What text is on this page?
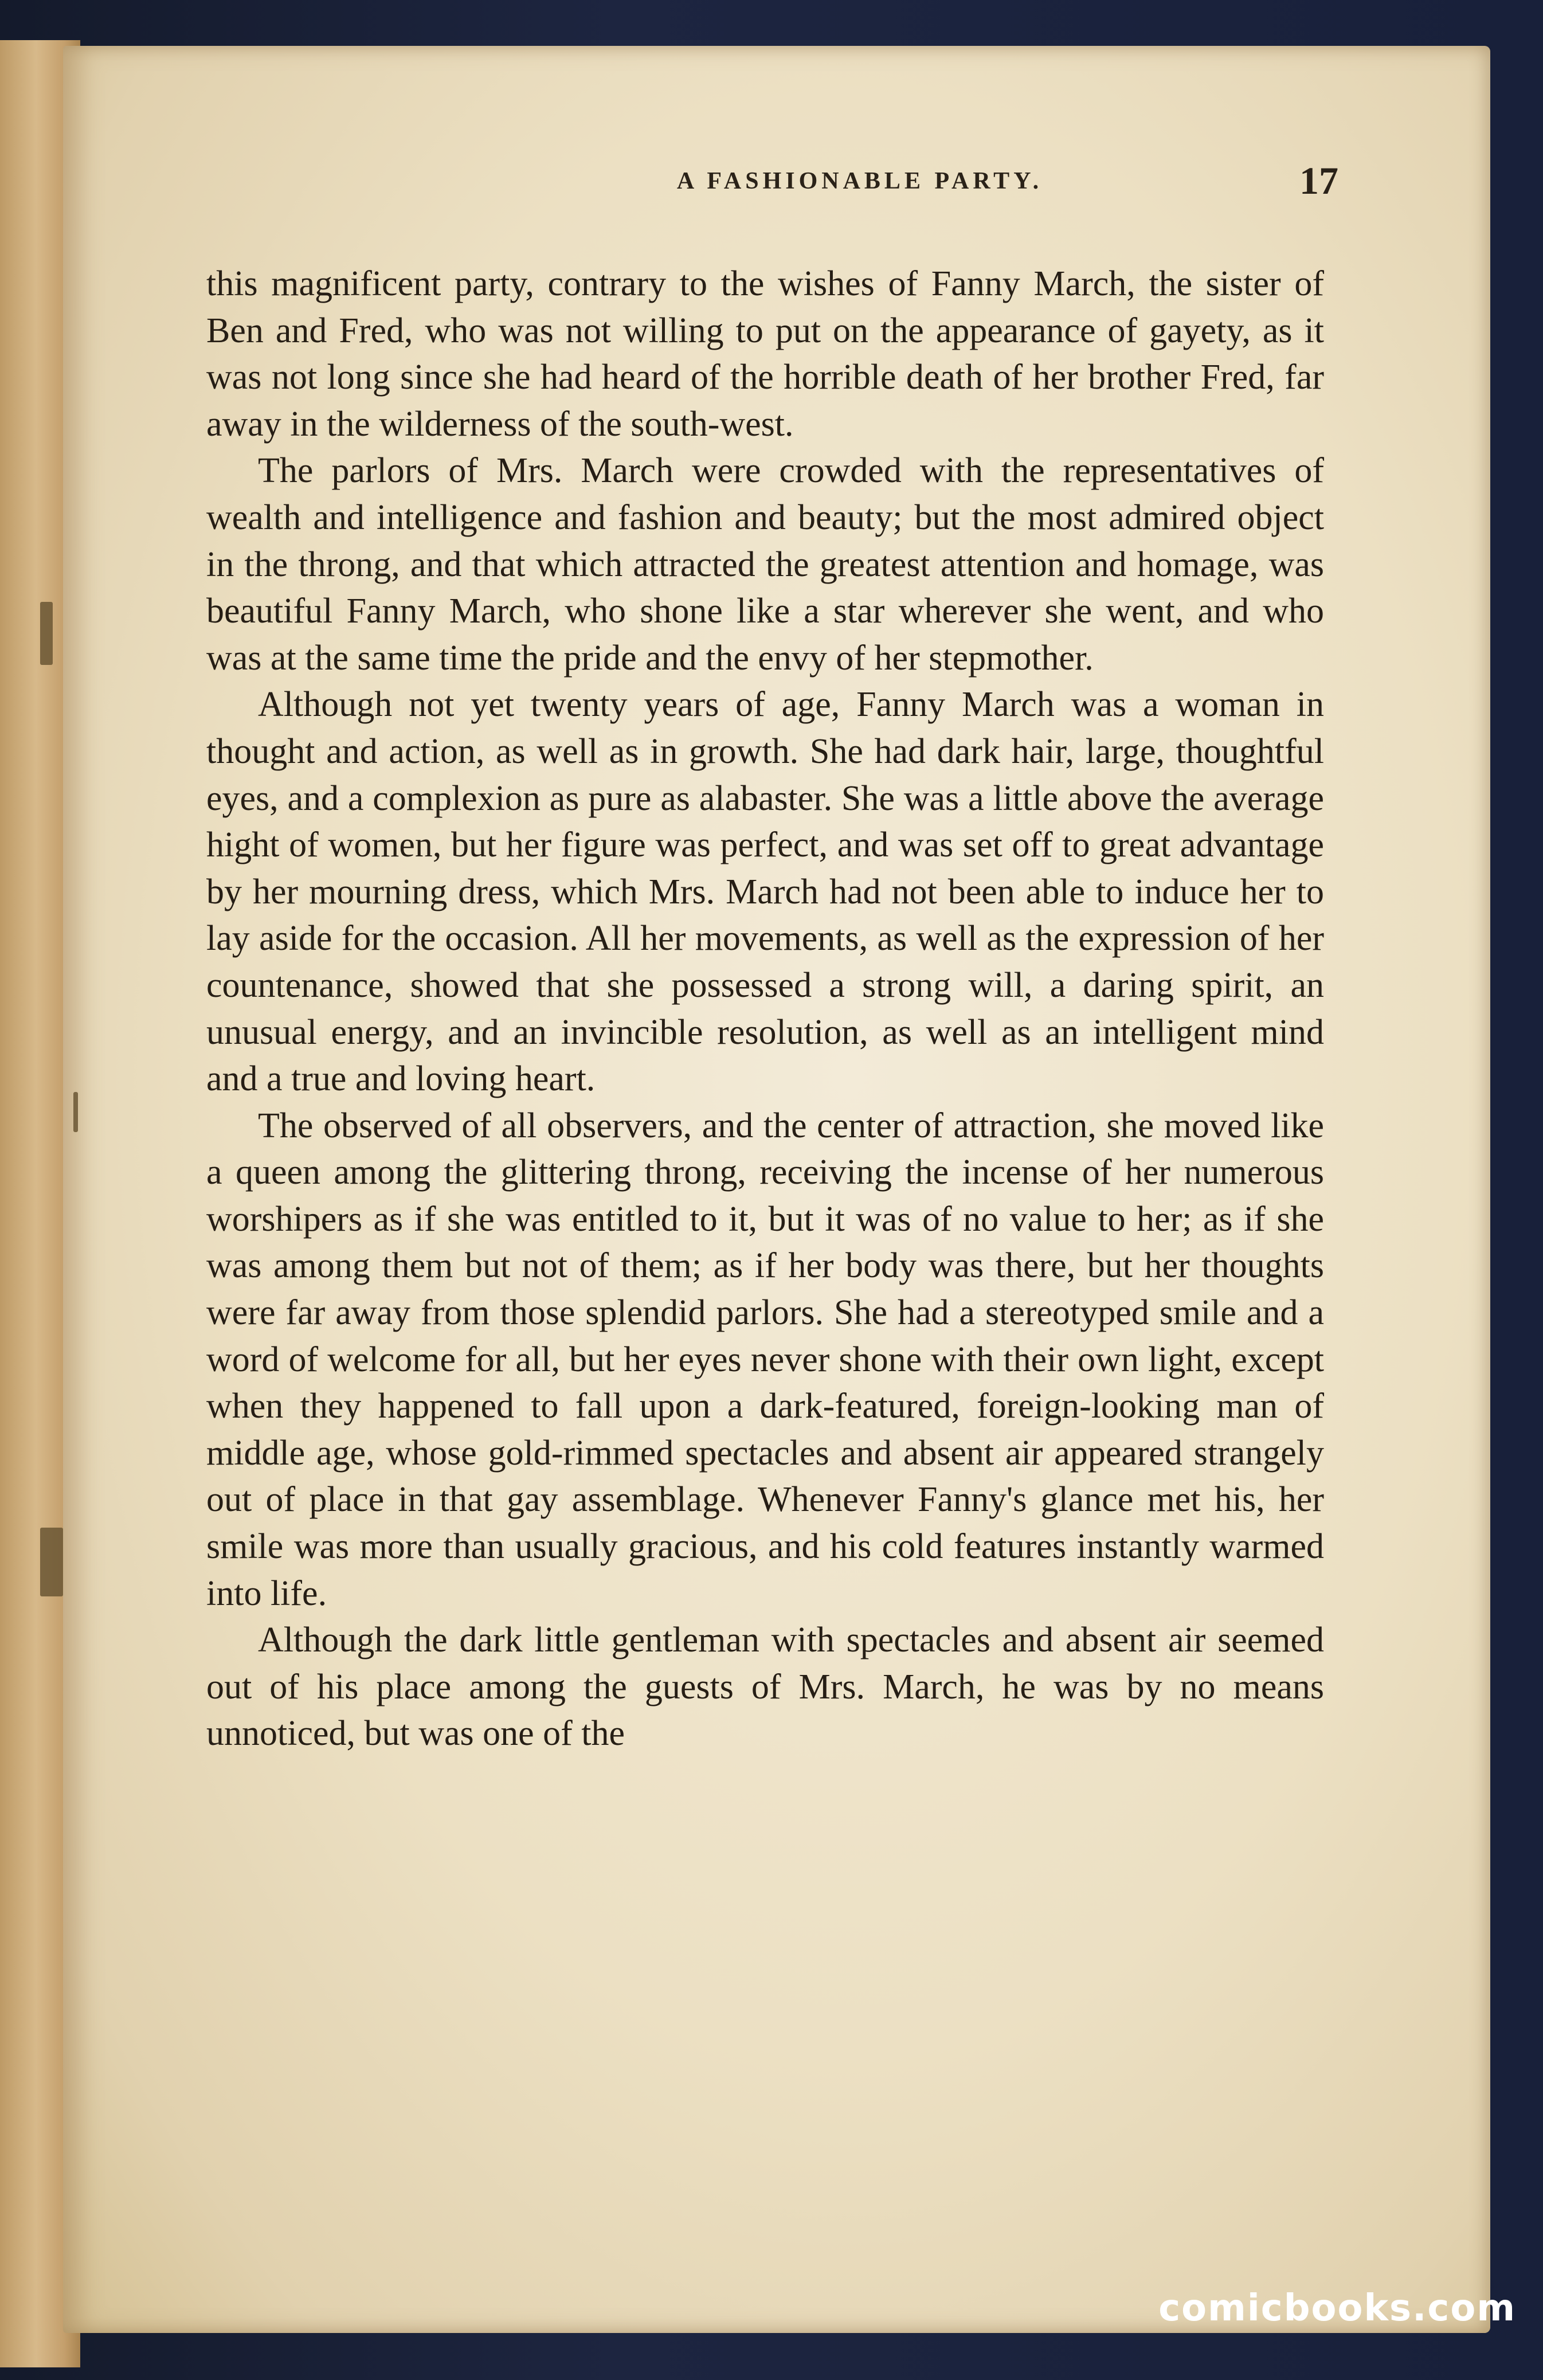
A FASHIONABLE PARTY.	17

this magnificent party, contrary to the wishes of Fanny March, the sister of Ben and Fred, who was not willing to put on the appearance of gayety, as it was not long since she had heard of the horrible death of her brother Fred, far away in the wilderness of the south-west.

The parlors of Mrs. March were crowded with the representatives of wealth and intelligence and fashion and beauty; but the most admired object in the throng, and that which attracted the greatest attention and homage, was beautiful Fanny March, who shone like a star wherever she went, and who was at the same time the pride and the envy of her stepmother.

Although not yet twenty years of age, Fanny March was a woman in thought and action, as well as in growth. She had dark hair, large, thoughtful eyes, and a complexion as pure as alabaster. She was a little above the average hight of women, but her figure was perfect, and was set off to great advantage by her mourning dress, which Mrs. March had not been able to induce her to lay aside for the occasion. All her movements, as well as the expression of her countenance, showed that she possessed a strong will, a daring spirit, an unusual energy, and an invincible resolution, as well as an intelligent mind and a true and loving heart.

The observed of all observers, and the center of attraction, she moved like a queen among the glittering throng, receiving the incense of her numerous worshipers as if she was entitled to it, but it was of no value to her; as if she was among them but not of them; as if her body was there, but her thoughts were far away from those splendid parlors. She had a stereotyped smile and a word of welcome for all, but her eyes never shone with their own light, except when they happened to fall upon a dark-featured, foreign-looking man of middle age, whose gold-rimmed spectacles and absent air appeared strangely out of place in that gay assemblage. Whenever Fanny's glance met his, her smile was more than usually gracious, and his cold features instantly warmed into life.

Although the dark little gentleman with spectacles and absent air seemed out of his place among the guests of Mrs. March, he was by no means unnoticed, but was one of the

comicbooks.com
